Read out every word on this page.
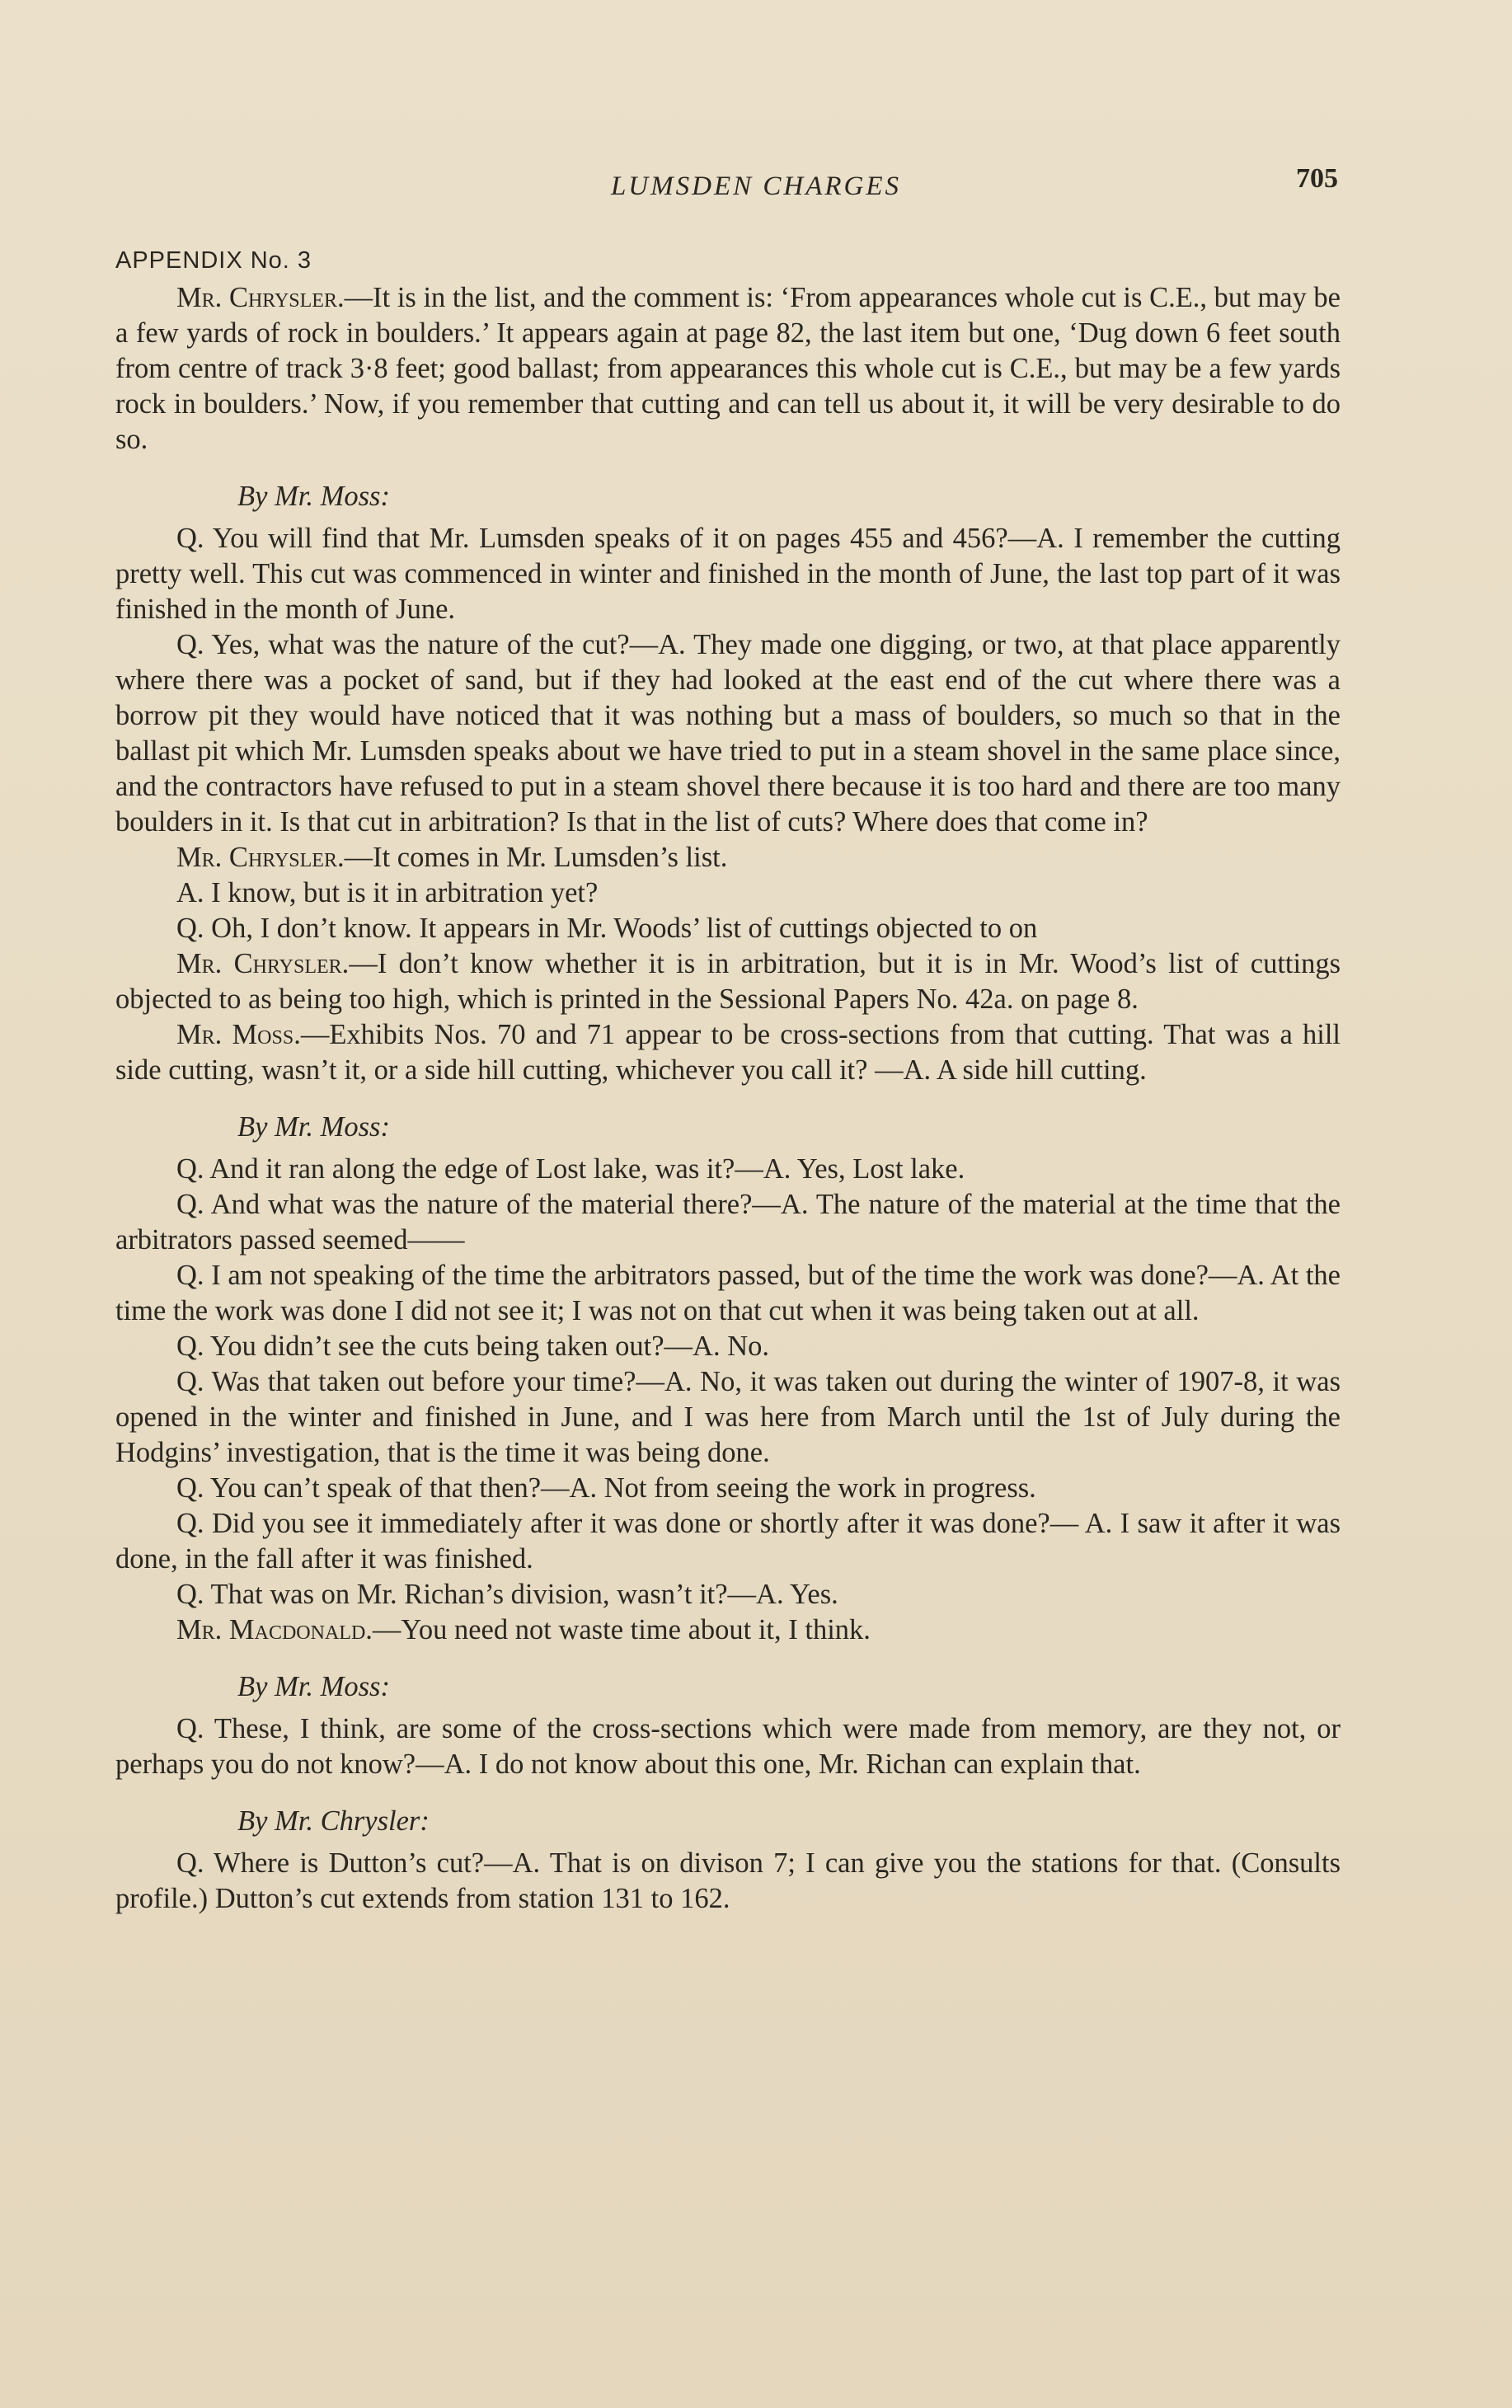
LUMSDEN CHARGES	705
APPENDIX No. 3

Mr. Chrysler.—It is in the list, and the comment is: ‘From appearances whole cut is C.E., but may be a few yards of rock in boulders.’ It appears again at page 82, the last item but one, ‘Dug down 6 feet south from centre of track 3·8 feet; good ballast; from appearances this whole cut is C.E., but may be a few yards rock in boulders.’ Now, if you remember that cutting and can tell us about it, it will be very desirable to do so.

By Mr. Moss:

Q. You will find that Mr. Lumsden speaks of it on pages 455 and 456?—A. I remember the cutting pretty well. This cut was commenced in winter and finished in the month of June, the last top part of it was finished in the month of June.

Q. Yes, what was the nature of the cut?—A. They made one digging, or two, at that place apparently where there was a pocket of sand, but if they had looked at the east end of the cut where there was a borrow pit they would have noticed that it was nothing but a mass of boulders, so much so that in the ballast pit which Mr. Lumsden speaks about we have tried to put in a steam shovel in the same place since, and the contractors have refused to put in a steam shovel there because it is too hard and there are too many boulders in it. Is that cut in arbitration? Is that in the list of cuts? Where does that come in?

Mr. Chrysler.—It comes in Mr. Lumsden’s list.

A. I know, but is it in arbitration yet?

Q. Oh, I don’t know. It appears in Mr. Woods’ list of cuttings objected to on

Mr. Chrysler.—I don’t know whether it is in arbitration, but it is in Mr. Wood’s list of cuttings objected to as being too high, which is printed in the Sessional Papers No. 42a. on page 8.

Mr. Moss.—Exhibits Nos. 70 and 71 appear to be cross-sections from that cutting. That was a hill side cutting, wasn’t it, or a side hill cutting, whichever you call it? —A. A side hill cutting.

By Mr. Moss:

Q. And it ran along the edge of Lost lake, was it?—A. Yes, Lost lake.

Q. And what was the nature of the material there?—A. The nature of the material at the time that the arbitrators passed seemed——

Q. I am not speaking of the time the arbitrators passed, but of the time the work was done?—A. At the time the work was done I did not see it; I was not on that cut when it was being taken out at all.

Q. You didn’t see the cuts being taken out?—A. No.

Q. Was that taken out before your time?—A. No, it was taken out during the winter of 1907-8, it was opened in the winter and finished in June, and I was here from March until the 1st of July during the Hodgins’ investigation, that is the time it was being done.

Q. You can’t speak of that then?—A. Not from seeing the work in progress.

Q. Did you see it immediately after it was done or shortly after it was done?— A. I saw it after it was done, in the fall after it was finished.

Q. That was on Mr. Richan’s division, wasn’t it?—A. Yes.

Mr. Macdonald.—You need not waste time about it, I think.

By Mr. Moss:

Q. These, I think, are some of the cross-sections which were made from memory, are they not, or perhaps you do not know?—A. I do not know about this one, Mr. Richan can explain that.

By Mr. Chrysler:

Q. Where is Dutton’s cut?—A. That is on divison 7; I can give you the stations for that. (Consults profile.) Dutton’s cut extends from station 131 to 162.
